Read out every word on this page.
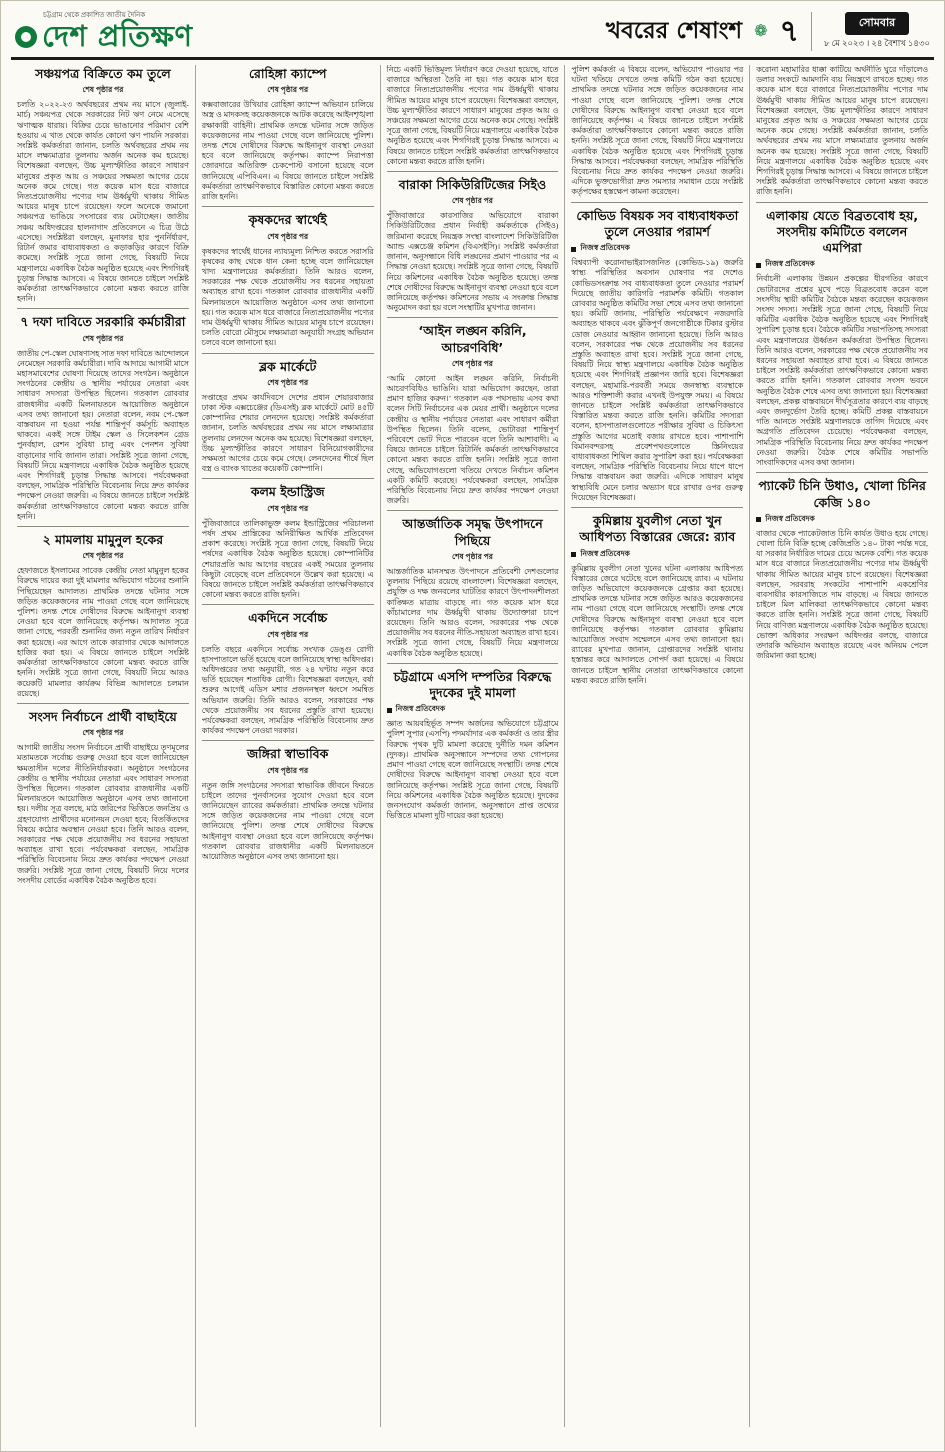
চট্টগ্রাম থেকে প্রকাশিত জাতীয় দৈনিক
দেশ প্রতিক্ষণ	খবরের শেষাংশ ❁ ৭	সোমবার
৮ মে ২০২৩ । ২৪ বৈশাখ ১৪৩০
সঞ্চয়পত্র বিক্রিতে কম তুলে
শেষ পৃষ্ঠার পর

চলতি ২০২২-২৩ অর্থবছরের প্রথম নয় মাসে (জুলাই-মার্চ) সঞ্চয়পত্র থেকে সরকারের নিট ঋণ নেমে এসেছে ঋণাত্মক ধারায়। বিক্রির চেয়ে ভাঙানোর পরিমাণ বেশি হওয়ায় এ খাত থেকে কার্যত কোনো ঋণ পায়নি সরকার। সংশ্লিষ্ট কর্মকর্তারা জানান, চলতি অর্থবছরের প্রথম নয় মাসে লক্ষ্যমাত্রার তুলনায় অর্জন অনেক কম হয়েছে। বিশেষজ্ঞরা বলছেন, উচ্চ মূল্যস্ফীতির কারণে সাধারণ মানুষের প্রকৃত আয় ও সঞ্চয়ের সক্ষমতা আগের চেয়ে অনেক কমে গেছে। গত কয়েক মাস ধরে বাজারে নিত্যপ্রয়োজনীয় পণ্যের দাম ঊর্ধ্বমুখী থাকায় সীমিত আয়ের মানুষ চাপে রয়েছেন। ফলে অনেকে জমানো সঞ্চয়পত্র ভাঙিয়ে সংসারের ব্যয় মেটাচ্ছেন। জাতীয় সঞ্চয় অধিদপ্তরের হালনাগাদ প্রতিবেদনে এ চিত্র উঠে এসেছে। সংশ্লিষ্টরা বলছেন, মুনাফার হার পুনর্নির্ধারণ, রিটার্ন জমার বাধ্যবাধকতা ও কড়াকড়ির কারণে বিক্রি কমেছে। সংশ্লিষ্ট সূত্রে জানা গেছে, বিষয়টি নিয়ে মন্ত্রণালয়ে একাধিক বৈঠক অনুষ্ঠিত হয়েছে এবং শিগগিরই চূড়ান্ত সিদ্ধান্ত আসবে। এ বিষয়ে জানতে চাইলে সংশ্লিষ্ট কর্মকর্তারা তাৎক্ষণিকভাবে কোনো মন্তব্য করতে রাজি হননি।

৭ দফা দাবিতে সরকারি কর্মচারীরা
শেষ পৃষ্ঠার পর

জাতীয় পে-স্কেল ঘোষণাসহ সাত দফা দাবিতে আন্দোলনে নেমেছেন সরকারি কর্মচারীরা। দাবি আদায়ে আগামী মাসে মহাসমাবেশের ঘোষণা দিয়েছে তাদের সংগঠন। অনুষ্ঠানে সংগঠনের কেন্দ্রীয় ও স্থানীয় পর্যায়ের নেতারা এবং সাধারণ সদস্যরা উপস্থিত ছিলেন। গতকাল রোববার রাজধানীর একটি মিলনায়তনে আয়োজিত অনুষ্ঠানে এসব তথ্য জানানো হয়। নেতারা বলেন, নবম পে-স্কেল বাস্তবায়ন না হওয়া পর্যন্ত শান্তিপূর্ণ কর্মসূচি অব্যাহত থাকবে। একই সঙ্গে টাইম স্কেল ও সিলেকশন গ্রেড পুনর্বহাল, রেশন সুবিধা চালু এবং পেনশন সুবিধা বাড়ানোর দাবি জানান তারা। সংশ্লিষ্ট সূত্রে জানা গেছে, বিষয়টি নিয়ে মন্ত্রণালয়ে একাধিক বৈঠক অনুষ্ঠিত হয়েছে এবং শিগগিরই চূড়ান্ত সিদ্ধান্ত আসবে। পর্যবেক্ষকরা বলছেন, সামগ্রিক পরিস্থিতি বিবেচনায় নিয়ে দ্রুত কার্যকর পদক্ষেপ নেওয়া জরুরি। এ বিষয়ে জানতে চাইলে সংশ্লিষ্ট কর্মকর্তারা তাৎক্ষণিকভাবে কোনো মন্তব্য করতে রাজি হননি।

২ মামলায় মামুনুল হকের
শেষ পৃষ্ঠার পর

হেফাজতে ইসলামের সাবেক কেন্দ্রীয় নেতা মামুনুল হকের বিরুদ্ধে দায়ের করা দুই মামলার অভিযোগ গঠনের শুনানি পিছিয়েছেন আদালত। প্রাথমিক তদন্তে ঘটনার সঙ্গে জড়িত কয়েকজনের নাম পাওয়া গেছে বলে জানিয়েছে পুলিশ। তদন্ত শেষে দোষীদের বিরুদ্ধে আইনানুগ ব্যবস্থা নেওয়া হবে বলে জানিয়েছে কর্তৃপক্ষ। আদালত সূত্রে জানা গেছে, পরবর্তী শুনানির জন্য নতুন তারিখ নির্ধারণ করা হয়েছে। এর আগে তাকে কারাগার থেকে আদালতে হাজির করা হয়। এ বিষয়ে জানতে চাইলে সংশ্লিষ্ট কর্মকর্তারা তাৎক্ষণিকভাবে কোনো মন্তব্য করতে রাজি হননি। সংশ্লিষ্ট সূত্রে জানা গেছে, বিষয়টি নিয়ে আরও কয়েকটি মামলার কার্যক্রম বিভিন্ন আদালতে চলমান রয়েছে।

সংসদ নির্বাচনে প্রার্থী বাছাইয়ে
শেষ পৃষ্ঠার পর

আগামী জাতীয় সংসদ নির্বাচনে প্রার্থী বাছাইয়ে তৃণমূলের মতামতকে সর্বোচ্চ গুরুত্ব দেওয়া হবে বলে জানিয়েছেন ক্ষমতাসীন দলের নীতিনির্ধারকরা। অনুষ্ঠানে সংগঠনের কেন্দ্রীয় ও স্থানীয় পর্যায়ের নেতারা এবং সাধারণ সদস্যরা উপস্থিত ছিলেন। গতকাল রোববার রাজধানীর একটি মিলনায়তনে আয়োজিত অনুষ্ঠানে এসব তথ্য জানানো হয়। দলীয় সূত্র বলছে, মাঠ জরিপের ভিত্তিতে জনপ্রিয় ও গ্রহণযোগ্য প্রার্থীদের মনোনয়ন দেওয়া হবে; বিতর্কিতদের বিষয়ে কঠোর অবস্থান নেওয়া হবে। তিনি আরও বলেন, সরকারের পক্ষ থেকে প্রয়োজনীয় সব ধরনের সহায়তা অব্যাহত রাখা হবে। পর্যবেক্ষকরা বলছেন, সামগ্রিক পরিস্থিতি বিবেচনায় নিয়ে দ্রুত কার্যকর পদক্ষেপ নেওয়া জরুরি। সংশ্লিষ্ট সূত্রে জানা গেছে, বিষয়টি নিয়ে দলের সংসদীয় বোর্ডের একাধিক বৈঠক অনুষ্ঠিত হবে।

রোহিঙ্গা ক্যাম্পে
শেষ পৃষ্ঠার পর

কক্সবাজারের উখিয়ার রোহিঙ্গা ক্যাম্পে অভিযান চালিয়ে অস্ত্র ও মাদকসহ কয়েকজনকে আটক করেছে আইনশৃঙ্খলা রক্ষাকারী বাহিনী। প্রাথমিক তদন্তে ঘটনার সঙ্গে জড়িত কয়েকজনের নাম পাওয়া গেছে বলে জানিয়েছে পুলিশ। তদন্ত শেষে দোষীদের বিরুদ্ধে আইনানুগ ব্যবস্থা নেওয়া হবে বলে জানিয়েছে কর্তৃপক্ষ। ক্যাম্পে নিরাপত্তা জোরদারে অতিরিক্ত চেকপোস্ট বসানো হয়েছে বলে জানিয়েছে এপিবিএন। এ বিষয়ে জানতে চাইলে সংশ্লিষ্ট কর্মকর্তারা তাৎক্ষণিকভাবে বিস্তারিত কোনো মন্তব্য করতে রাজি হননি।

কৃষকদের স্বার্থেই
শেষ পৃষ্ঠার পর

কৃষকদের স্বার্থেই ধানের ন্যায্যমূল্য নিশ্চিত করতে সরাসরি কৃষকের কাছ থেকে ধান কেনা হচ্ছে বলে জানিয়েছেন খাদ্য মন্ত্রণালয়ের কর্মকর্তারা। তিনি আরও বলেন, সরকারের পক্ষ থেকে প্রয়োজনীয় সব ধরনের সহায়তা অব্যাহত রাখা হবে। গতকাল রোববার রাজধানীর একটি মিলনায়তনে আয়োজিত অনুষ্ঠানে এসব তথ্য জানানো হয়। গত কয়েক মাস ধরে বাজারে নিত্যপ্রয়োজনীয় পণ্যের দাম ঊর্ধ্বমুখী থাকায় সীমিত আয়ের মানুষ চাপে রয়েছেন। চলতি বোরো মৌসুমে লক্ষ্যমাত্রা অনুযায়ী সংগ্রহ অভিযান চলবে বলে জানানো হয়।

ব্লক মার্কেটে
শেষ পৃষ্ঠার পর

সপ্তাহের প্রথম কার্যদিবসে দেশের প্রধান শেয়ারবাজার ঢাকা স্টক এক্সচেঞ্জের (ডিএসই) ব্লক মার্কেটে মোট ৪৫টি কোম্পানির শেয়ার লেনদেন হয়েছে। সংশ্লিষ্ট কর্মকর্তারা জানান, চলতি অর্থবছরের প্রথম নয় মাসে লক্ষ্যমাত্রার তুলনায় লেনদেন অনেক কম হয়েছে। বিশেষজ্ঞরা বলছেন, উচ্চ মূল্যস্ফীতির কারণে সাধারণ বিনিয়োগকারীদের সক্ষমতা আগের চেয়ে কমে গেছে। লেনদেনের শীর্ষে ছিল বস্ত্র ও ব্যাংক খাতের কয়েকটি কোম্পানি।

কলম ইন্ডাস্ট্রিজ
শেষ পৃষ্ঠার পর

পুঁজিবাজারে তালিকাভুক্ত কলম ইন্ডাস্ট্রিজের পরিচালনা পর্ষদ প্রথম প্রান্তিকের অনিরীক্ষিত আর্থিক প্রতিবেদন প্রকাশ করেছে। সংশ্লিষ্ট সূত্রে জানা গেছে, বিষয়টি নিয়ে পর্ষদের একাধিক বৈঠক অনুষ্ঠিত হয়েছে। কোম্পানিটির শেয়ারপ্রতি আয় আগের বছরের একই সময়ের তুলনায় কিছুটা বেড়েছে বলে প্রতিবেদনে উল্লেখ করা হয়েছে। এ বিষয়ে জানতে চাইলে সংশ্লিষ্ট কর্মকর্তারা তাৎক্ষণিকভাবে কোনো মন্তব্য করতে রাজি হননি।

একদিনে সর্বোচ্চ
শেষ পৃষ্ঠার পর

চলতি বছরে একদিনে সর্বোচ্চ সংখ্যক ডেঙ্গু রোগী হাসপাতালে ভর্তি হয়েছে বলে জানিয়েছে স্বাস্থ্য অধিদপ্তর। অধিদপ্তরের তথ্য অনুযায়ী, গত ২৪ ঘণ্টায় নতুন করে ভর্তি হয়েছেন শতাধিক রোগী। বিশেষজ্ঞরা বলছেন, বর্ষা শুরুর আগেই এডিস মশার প্রজননস্থল ধ্বংসে সমন্বিত অভিযান জরুরি। তিনি আরও বলেন, সরকারের পক্ষ থেকে প্রয়োজনীয় সব ধরনের প্রস্তুতি রাখা হয়েছে। পর্যবেক্ষকরা বলছেন, সামগ্রিক পরিস্থিতি বিবেচনায় দ্রুত কার্যকর পদক্ষেপ নেওয়া দরকার।

জঙ্গিরা স্বাভাবিক
শেষ পৃষ্ঠার পর

নতুন জঙ্গি সংগঠনের সদস্যরা স্বাভাবিক জীবনে ফিরতে চাইলে তাদের পুনর্বাসনের সুযোগ দেওয়া হবে বলে জানিয়েছেন র‍্যাবের কর্মকর্তারা। প্রাথমিক তদন্তে ঘটনার সঙ্গে জড়িত কয়েকজনের নাম পাওয়া গেছে বলে জানিয়েছে পুলিশ। তদন্ত শেষে দোষীদের বিরুদ্ধে আইনানুগ ব্যবস্থা নেওয়া হবে বলে জানিয়েছে কর্তৃপক্ষ। গতকাল রোববার রাজধানীর একটি মিলনায়তনে আয়োজিত অনুষ্ঠানে এসব তথ্য জানানো হয়।

নিচে একটি ভিত্তিমূল্য নির্ধারণ করে দেওয়া হয়েছে, যাতে বাজারে অস্থিরতা তৈরি না হয়। গত কয়েক মাস ধরে বাজারে নিত্যপ্রয়োজনীয় পণ্যের দাম ঊর্ধ্বমুখী থাকায় সীমিত আয়ের মানুষ চাপে রয়েছেন। বিশেষজ্ঞরা বলছেন, উচ্চ মূল্যস্ফীতির কারণে সাধারণ মানুষের প্রকৃত আয় ও সঞ্চয়ের সক্ষমতা আগের চেয়ে অনেক কমে গেছে। সংশ্লিষ্ট সূত্রে জানা গেছে, বিষয়টি নিয়ে মন্ত্রণালয়ে একাধিক বৈঠক অনুষ্ঠিত হয়েছে এবং শিগগিরই চূড়ান্ত সিদ্ধান্ত আসবে। এ বিষয়ে জানতে চাইলে সংশ্লিষ্ট কর্মকর্তারা তাৎক্ষণিকভাবে কোনো মন্তব্য করতে রাজি হননি।

বারাকা সিকিউরিটিজের সিইও
শেষ পৃষ্ঠার পর

পুঁজিবাজারে কারসাজির অভিযোগে বারাকা সিকিউরিটিজের প্রধান নির্বাহী কর্মকর্তাকে (সিইও) জরিমানা করেছে নিয়ন্ত্রক সংস্থা বাংলাদেশ সিকিউরিটিজ অ্যান্ড এক্সচেঞ্জ কমিশন (বিএসইসি)। সংশ্লিষ্ট কর্মকর্তারা জানান, অনুসন্ধানে বিধি লঙ্ঘনের প্রমাণ পাওয়ার পর এ সিদ্ধান্ত নেওয়া হয়েছে। সংশ্লিষ্ট সূত্রে জানা গেছে, বিষয়টি নিয়ে কমিশনের একাধিক বৈঠক অনুষ্ঠিত হয়েছে। তদন্ত শেষে দোষীদের বিরুদ্ধে আইনানুগ ব্যবস্থা নেওয়া হবে বলে জানিয়েছে কর্তৃপক্ষ। কমিশনের সভায় এ সংক্রান্ত সিদ্ধান্ত অনুমোদন করা হয় বলে সংস্থাটির মুখপাত্র জানান।

‘আইন লঙ্ঘন করিনি, আচরণবিধি’
শেষ পৃষ্ঠার পর

‘আমি কোনো আইন লঙ্ঘন করিনি, নির্বাচনী আচরণবিধিও ভাঙিনি। যারা অভিযোগ করছেন, তারা প্রমাণ হাজির করুন।’ গতকাল এক পথসভায় এসব কথা বলেন সিটি নির্বাচনের এক মেয়র প্রার্থী। অনুষ্ঠানে দলের কেন্দ্রীয় ও স্থানীয় পর্যায়ের নেতারা এবং সাধারণ কর্মীরা উপস্থিত ছিলেন। তিনি বলেন, ভোটাররা শান্তিপূর্ণ পরিবেশে ভোট দিতে পারবেন বলে তিনি আশাবাদী। এ বিষয়ে জানতে চাইলে রিটার্নিং কর্মকর্তা তাৎক্ষণিকভাবে কোনো মন্তব্য করতে রাজি হননি। সংশ্লিষ্ট সূত্রে জানা গেছে, অভিযোগগুলো খতিয়ে দেখতে নির্বাচন কমিশন একটি কমিটি করেছে। পর্যবেক্ষকরা বলছেন, সামগ্রিক পরিস্থিতি বিবেচনায় নিয়ে দ্রুত কার্যকর পদক্ষেপ নেওয়া জরুরি।

আন্তর্জাতিক সমৃদ্ধ উৎপাদনে পিছিয়ে
শেষ পৃষ্ঠার পর

আন্তর্জাতিক মানসম্মত উৎপাদনে প্রতিবেশী দেশগুলোর তুলনায় পিছিয়ে রয়েছে বাংলাদেশ। বিশেষজ্ঞরা বলছেন, প্রযুক্তি ও দক্ষ জনবলের ঘাটতির কারণে উৎপাদনশীলতা কাঙ্ক্ষিত মাত্রায় বাড়ছে না। গত কয়েক মাস ধরে কাঁচামালের দাম ঊর্ধ্বমুখী থাকায় উদ্যোক্তারা চাপে রয়েছেন। তিনি আরও বলেন, সরকারের পক্ষ থেকে প্রয়োজনীয় সব ধরনের নীতি-সহায়তা অব্যাহত রাখা হবে। সংশ্লিষ্ট সূত্রে জানা গেছে, বিষয়টি নিয়ে মন্ত্রণালয়ে একাধিক বৈঠক অনুষ্ঠিত হয়েছে।

চট্টগ্রামে এসপি দম্পতির বিরুদ্ধে দুদকের দুই মামলা
নিজস্ব প্রতিবেদক

জ্ঞাত আয়বহির্ভূত সম্পদ অর্জনের অভিযোগে চট্টগ্রামে পুলিশ সুপার (এসপি) পদমর্যাদার এক কর্মকর্তা ও তার স্ত্রীর বিরুদ্ধে পৃথক দুটি মামলা করেছে দুর্নীতি দমন কমিশন (দুদক)। প্রাথমিক অনুসন্ধানে সম্পদের তথ্য গোপনের প্রমাণ পাওয়া গেছে বলে জানিয়েছে সংস্থাটি। তদন্ত শেষে দোষীদের বিরুদ্ধে আইনানুগ ব্যবস্থা নেওয়া হবে বলে জানিয়েছে কর্তৃপক্ষ। সংশ্লিষ্ট সূত্রে জানা গেছে, বিষয়টি নিয়ে কমিশনের একাধিক বৈঠক অনুষ্ঠিত হয়েছে। দুদকের জনসংযোগ কর্মকর্তা জানান, অনুসন্ধানে প্রাপ্ত তথ্যের ভিত্তিতে মামলা দুটি দায়ের করা হয়েছে।

পুলিশ কর্মকর্তা এ বিষয়ে বলেন, অভিযোগ পাওয়ার পর ঘটনা খতিয়ে দেখতে তদন্ত কমিটি গঠন করা হয়েছে। প্রাথমিক তদন্তে ঘটনার সঙ্গে জড়িত কয়েকজনের নাম পাওয়া গেছে বলে জানিয়েছে পুলিশ। তদন্ত শেষে দোষীদের বিরুদ্ধে আইনানুগ ব্যবস্থা নেওয়া হবে বলে জানিয়েছে কর্তৃপক্ষ। এ বিষয়ে জানতে চাইলে সংশ্লিষ্ট কর্মকর্তারা তাৎক্ষণিকভাবে কোনো মন্তব্য করতে রাজি হননি। সংশ্লিষ্ট সূত্রে জানা গেছে, বিষয়টি নিয়ে মন্ত্রণালয়ে একাধিক বৈঠক অনুষ্ঠিত হয়েছে এবং শিগগিরই চূড়ান্ত সিদ্ধান্ত আসবে। পর্যবেক্ষকরা বলছেন, সামগ্রিক পরিস্থিতি বিবেচনায় নিয়ে দ্রুত কার্যকর পদক্ষেপ নেওয়া জরুরি। এদিকে ভুক্তভোগীরা দ্রুত সমস্যার সমাধান চেয়ে সংশ্লিষ্ট কর্তৃপক্ষের হস্তক্ষেপ কামনা করেছেন।

কোভিড বিষয়ক সব বাধ্যবাধকতা তুলে নেওয়ার পরামর্শ
নিজস্ব প্রতিবেদক

বিশ্বব্যাপী করোনাভাইরাসজনিত (কোভিড-১৯) জরুরি স্বাস্থ্য পরিস্থিতির অবসান ঘোষণার পর দেশেও কোভিডসংক্রান্ত সব বাধ্যবাধকতা তুলে নেওয়ার পরামর্শ দিয়েছে জাতীয় কারিগরি পরামর্শক কমিটি। গতকাল রোববার অনুষ্ঠিত কমিটির সভা শেষে এসব তথ্য জানানো হয়। কমিটি জানায়, পরিস্থিতি পর্যবেক্ষণে নজরদারি অব্যাহত থাকবে এবং ঝুঁকিপূর্ণ জনগোষ্ঠীকে টিকার বুস্টার ডোজ নেওয়ার আহ্বান জানানো হয়েছে। তিনি আরও বলেন, সরকারের পক্ষ থেকে প্রয়োজনীয় সব ধরনের প্রস্তুতি অব্যাহত রাখা হবে। সংশ্লিষ্ট সূত্রে জানা গেছে, বিষয়টি নিয়ে স্বাস্থ্য মন্ত্রণালয়ে একাধিক বৈঠক অনুষ্ঠিত হয়েছে এবং শিগগিরই প্রজ্ঞাপন জারি হবে। বিশেষজ্ঞরা বলছেন, মহামারি-পরবর্তী সময়ে জনস্বাস্থ্য ব্যবস্থাকে আরও শক্তিশালী করার এখনই উপযুক্ত সময়। এ বিষয়ে জানতে চাইলে সংশ্লিষ্ট কর্মকর্তারা তাৎক্ষণিকভাবে বিস্তারিত মন্তব্য করতে রাজি হননি। কমিটির সদস্যরা বলেন, হাসপাতালগুলোতে পরীক্ষার সুবিধা ও চিকিৎসা প্রস্তুতি আগের মতোই বজায় রাখতে হবে। পাশাপাশি বিমানবন্দরসহ প্রবেশপথগুলোতে স্ক্রিনিংয়ের বাধ্যবাধকতা শিথিল করার সুপারিশ করা হয়। পর্যবেক্ষকরা বলছেন, সামগ্রিক পরিস্থিতি বিবেচনায় নিয়ে ধাপে ধাপে সিদ্ধান্ত বাস্তবায়ন করা জরুরি। এদিকে সাধারণ মানুষ স্বাস্থ্যবিধি মেনে চলার অভ্যাস ধরে রাখার ওপর গুরুত্ব দিয়েছেন বিশেষজ্ঞরা।

কুমিল্লায় যুবলীগ নেতা খুন আধিপত্য বিস্তারের জেরে: র‍্যাব
নিজস্ব প্রতিবেদক

কুমিল্লায় যুবলীগ নেতা খুনের ঘটনা এলাকায় আধিপত্য বিস্তারের জেরে ঘটেছে বলে জানিয়েছে র‍্যাব। এ ঘটনায় জড়িত অভিযোগে কয়েকজনকে গ্রেপ্তার করা হয়েছে। প্রাথমিক তদন্তে ঘটনার সঙ্গে জড়িত আরও কয়েকজনের নাম পাওয়া গেছে বলে জানিয়েছে সংস্থাটি। তদন্ত শেষে দোষীদের বিরুদ্ধে আইনানুগ ব্যবস্থা নেওয়া হবে বলে জানিয়েছে কর্তৃপক্ষ। গতকাল রোববার কুমিল্লায় আয়োজিত সংবাদ সম্মেলনে এসব তথ্য জানানো হয়। র‍্যাবের মুখপাত্র জানান, গ্রেপ্তারদের সংশ্লিষ্ট থানায় হস্তান্তর করে আদালতে সোপর্দ করা হয়েছে। এ বিষয়ে জানতে চাইলে স্থানীয় নেতারা তাৎক্ষণিকভাবে কোনো মন্তব্য করতে রাজি হননি।

করোনা মহামারির ধাক্কা কাটিয়ে অর্থনীতি ঘুরে দাঁড়ালেও ডলার সংকটে আমদানি ব্যয় নিয়ন্ত্রণে রাখতে হচ্ছে। গত কয়েক মাস ধরে বাজারে নিত্যপ্রয়োজনীয় পণ্যের দাম ঊর্ধ্বমুখী থাকায় সীমিত আয়ের মানুষ চাপে রয়েছেন। বিশেষজ্ঞরা বলছেন, উচ্চ মূল্যস্ফীতির কারণে সাধারণ মানুষের প্রকৃত আয় ও সঞ্চয়ের সক্ষমতা আগের চেয়ে অনেক কমে গেছে। সংশ্লিষ্ট কর্মকর্তারা জানান, চলতি অর্থবছরের প্রথম নয় মাসে লক্ষ্যমাত্রার তুলনায় অর্জন অনেক কম হয়েছে। সংশ্লিষ্ট সূত্রে জানা গেছে, বিষয়টি নিয়ে মন্ত্রণালয়ে একাধিক বৈঠক অনুষ্ঠিত হয়েছে এবং শিগগিরই চূড়ান্ত সিদ্ধান্ত আসবে। এ বিষয়ে জানতে চাইলে সংশ্লিষ্ট কর্মকর্তারা তাৎক্ষণিকভাবে কোনো মন্তব্য করতে রাজি হননি।

এলাকায় যেতে বিব্রতবোধ হয়, সংসদীয় কমিটিতে বললেন এমপিরা
নিজস্ব প্রতিবেদক

নির্বাচনী এলাকায় উন্নয়ন প্রকল্পের ধীরগতির কারণে ভোটারদের প্রশ্নের মুখে পড়ে বিব্রতবোধ করেন বলে সংসদীয় স্থায়ী কমিটির বৈঠকে মন্তব্য করেছেন কয়েকজন সংসদ সদস্য। সংশ্লিষ্ট সূত্রে জানা গেছে, বিষয়টি নিয়ে কমিটির একাধিক বৈঠক অনুষ্ঠিত হয়েছে এবং শিগগিরই সুপারিশ চূড়ান্ত হবে। বৈঠকে কমিটির সভাপতিসহ সদস্যরা এবং মন্ত্রণালয়ের ঊর্ধ্বতন কর্মকর্তারা উপস্থিত ছিলেন। তিনি আরও বলেন, সরকারের পক্ষ থেকে প্রয়োজনীয় সব ধরনের সহায়তা অব্যাহত রাখা হবে। এ বিষয়ে জানতে চাইলে সংশ্লিষ্ট কর্মকর্তারা তাৎক্ষণিকভাবে কোনো মন্তব্য করতে রাজি হননি। গতকাল রোববার সংসদ ভবনে অনুষ্ঠিত বৈঠক শেষে এসব তথ্য জানানো হয়। বিশেষজ্ঞরা বলছেন, প্রকল্প বাস্তবায়নে দীর্ঘসূত্রতার কারণে ব্যয় বাড়ছে এবং জনদুর্ভোগ তৈরি হচ্ছে। কমিটি প্রকল্প বাস্তবায়নে গতি আনতে সংশ্লিষ্ট মন্ত্রণালয়কে তাগিদ দিয়েছে এবং অগ্রগতি প্রতিবেদন চেয়েছে। পর্যবেক্ষকরা বলছেন, সামগ্রিক পরিস্থিতি বিবেচনায় নিয়ে দ্রুত কার্যকর পদক্ষেপ নেওয়া জরুরি। বৈঠক শেষে কমিটির সভাপতি সাংবাদিকদের এসব কথা জানান।

প্যাকেট চিনি উধাও, খোলা চিনির কেজি ১৪০
নিজস্ব প্রতিবেদক

বাজার থেকে প্যাকেটজাত চিনি কার্যত উধাও হয়ে গেছে। খোলা চিনি বিক্রি হচ্ছে কেজিপ্রতি ১৪০ টাকা পর্যন্ত দরে, যা সরকার নির্ধারিত দামের চেয়ে অনেক বেশি। গত কয়েক মাস ধরে বাজারে নিত্যপ্রয়োজনীয় পণ্যের দাম ঊর্ধ্বমুখী থাকায় সীমিত আয়ের মানুষ চাপে রয়েছেন। বিশেষজ্ঞরা বলছেন, সরবরাহ সংকটের পাশাপাশি একশ্রেণির ব্যবসায়ীর কারসাজিতে দাম বাড়ছে। এ বিষয়ে জানতে চাইলে মিল মালিকরা তাৎক্ষণিকভাবে কোনো মন্তব্য করতে রাজি হননি। সংশ্লিষ্ট সূত্রে জানা গেছে, বিষয়টি নিয়ে বাণিজ্য মন্ত্রণালয়ে একাধিক বৈঠক অনুষ্ঠিত হয়েছে। ভোক্তা অধিকার সংরক্ষণ অধিদপ্তর বলছে, বাজারে তদারকি অভিযান অব্যাহত রয়েছে এবং অনিয়ম পেলে জরিমানা করা হচ্ছে।
